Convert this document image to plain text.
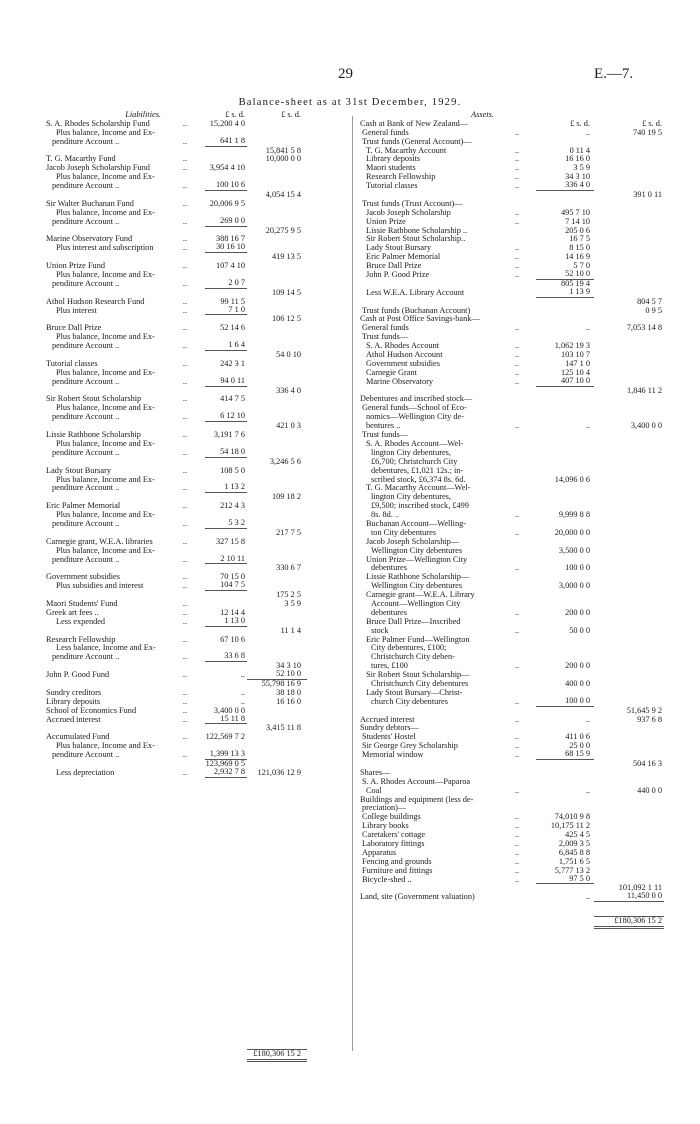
29	E.—7.
Balance-sheet as at 31st December, 1929.
Liabilities.	£ s. d.	£ s. d.
S. A. Rhodes Scholarship Fund	..	15,200 4 0
Plus balance, Income and Ex-
penditure Account ..	..	641 1 8
15,841 5 8
T. G. Macarthy Fund	..	10,000 0 0
Jacob Joseph Scholarship Fund	..	3,954 4 10
Plus balance, Income and Ex-
penditure Account ..	..	100 10 6
4,054 15 4
Sir Walter Buchanan Fund	..	20,006 9 5
Plus balance, Income and Ex-
penditure Account ..	..	269 0 0
20,275 9 5
Marine Observatory Fund	..	388 16 7
Plus interest and subscription	..	30 16 10
419 13 5
Union Prize Fund	..	107 4 10
Plus balance, Income and Ex-
penditure Account ..	..	2 0 7
109 14 5
Athol Hudson Research Fund	..	99 11 5
Plus interest	..	7 1 0
106 12 5
Bruce Dall Prize	..	52 14 6
Plus balance, Income and Ex-
penditure Account ..	..	1 6 4
54 0 10
Tutorial classes	..	242 3 1
Plus balance, Income and Ex-
penditure Account ..	..	94 0 11
336 4 0
Sir Robert Stout Scholarship	..	414 7 5
Plus balance, Income and Ex-
penditure Account ..	..	6 12 10
421 0 3
Lissie Rathbone Scholarship	..	3,191 7 6
Plus balance, Income and Ex-
penditure Account ..	..	54 18 0
3,246 5 6
Lady Stout Bursary	..	108 5 0
Plus balance, Income and Ex-
penditure Account ..	..	1 13 2
109 18 2
Eric Palmer Memorial	..	212 4 3
Plus balance, Income and Ex-
penditure Account ..	..	5 3 2
217 7 5
Carnegie grant, W.E.A. libraries	..	327 15 8
Plus balance, Income and Ex-
penditure Account ..	..	2 10 11
330 6 7
Government subsidies	..	70 15 0
Plus subsidies and interest	..	104 7 5
175 2 5
Maori Students' Fund	..	3 5 9
Greek art fees ..	..	12 14 4
Less expended	..	1 13 0
11 1 4
Research Fellowship	..	67 10 6
Less balance, Income and Ex-
penditure Account ..	..	33 6 8
34 3 10
John P. Good Fund	..	..	52 10 0
55,798 16 9
Sundry creditors	..	..	38 18 0
Library deposits	..	..	16 16 0
School of Economics Fund	..	3,400 0 0
Accrued interest	..	15 11 8
3,415 11 8
Accumulated Fund	..	122,569 7 2
Plus balance, Income and Ex-
penditure Account ..	..	1,399 13 3
123,969 0 5
Less depreciation	..	2,932 7 8	121,036 12 9
£180,306 15 2
Assets.
Cash at Bank of New Zealand—	£ s. d.	£ s. d.
General funds	..	..	740 19 5
Trust funds (General Account)—
T. G. Macarthy Account	..	0 11 4
Library deposits	..	16 16 0
Maori students	..	3 5 9
Research Fellowship	..	34 3 10
Tutorial classes	..	336 4 0
391 0 11
Trust funds (Trust Account)—
Jacob Joseph Scholarship	..	495 7 10
Union Prize	..	7 14 10
Lissie Rathbone Scholarship ..	205 0 6
Sir Robert Stout Scholarship..	16 7 5
Lady Stout Bursary	..	8 15 0
Eric Palmer Memorial	..	14 16 9
Bruce Dall Prize	..	5 7 0
John P. Good Prize	..	52 10 0
805 19 4
Less W.E.A. Library Account	1 13 9
804 5 7
Trust funds (Buchanan Account)	0 9 5
Cash at Post Office Savings-bank—
General funds	..	..	7,053 14 8
Trust funds—
S. A. Rhodes Account	..	1,062 19 3
Athol Hudson Account	..	103 10 7
Government subsidies	..	147 1 0
Carnegie Grant	..	125 10 4
Marine Observatory	..	407 10 0
1,846 11 2
Debentures and inscribed stock—
General funds—School of Eco-
nomics—Wellington City de-
bentures ..	..	..	3,400 0 0
Trust funds—
S. A. Rhodes Account—Wel-
lington City debentures,
£6,700; Christchurch City
debentures, £1,021 12s.; in-
scribed stock, £6,374 8s. 6d.	14,096 0 6
T. G. Macarthy Account—Wel-
lington City debentures,
£9,500; inscribed stock, £499
8s. 8d. ..	..	9,999 8 8
Buchanan Account—Welling-
ton City debentures	..	20,000 0 0
Jacob Joseph Scholarship—
Wellington City debentures	3,500 0 0
Union Prize—Wellington City
debentures	..	100 0 0
Lissie Rathbone Scholarship—
Wellington City debentures	3,000 0 0
Carnegie grant—W.E.A. Library
Account—Wellington City
debentures	..	200 0 0
Bruce Dall Prize—Inscribed
stock	..	50 0 0
Eric Palmer Fund—Wellington
City debentures, £100;
Christchurch City deben-
tures, £100	..	200 0 0
Sir Robert Stout Scholarship—
Christchurch City debentures	400 0 0
Lady Stout Bursary—Christ-
church City debentures	..	100 0 0
51,645 9 2
Accrued interest	..	..	937 6 8
Sundry debtors—
Students' Hostel	..	411 0 6
Sir George Grey Scholarship	..	25 0 0
Memorial window	..	68 15 9
504 16 3
Shares—
S. A. Rhodes Account—Paparoa
Coal	..	..	440 0 0
Buildings and equipment (less de-
preciation)—
College buildings	..	74,010 9 8
Library books	..	10,175 11 2
Caretakers' cottage	..	425 4 5
Laboratory fittings	..	2,009 3 5
Apparatus	..	6,845 8 8
Fencing and grounds	..	1,751 6 5
Furniture and fittings	..	5,777 13 2
Bicycle-shed ..	..	97 5 0
101,092 1 11
Land, site (Government valuation)	..	11,450 0 0
£180,306 15 2
